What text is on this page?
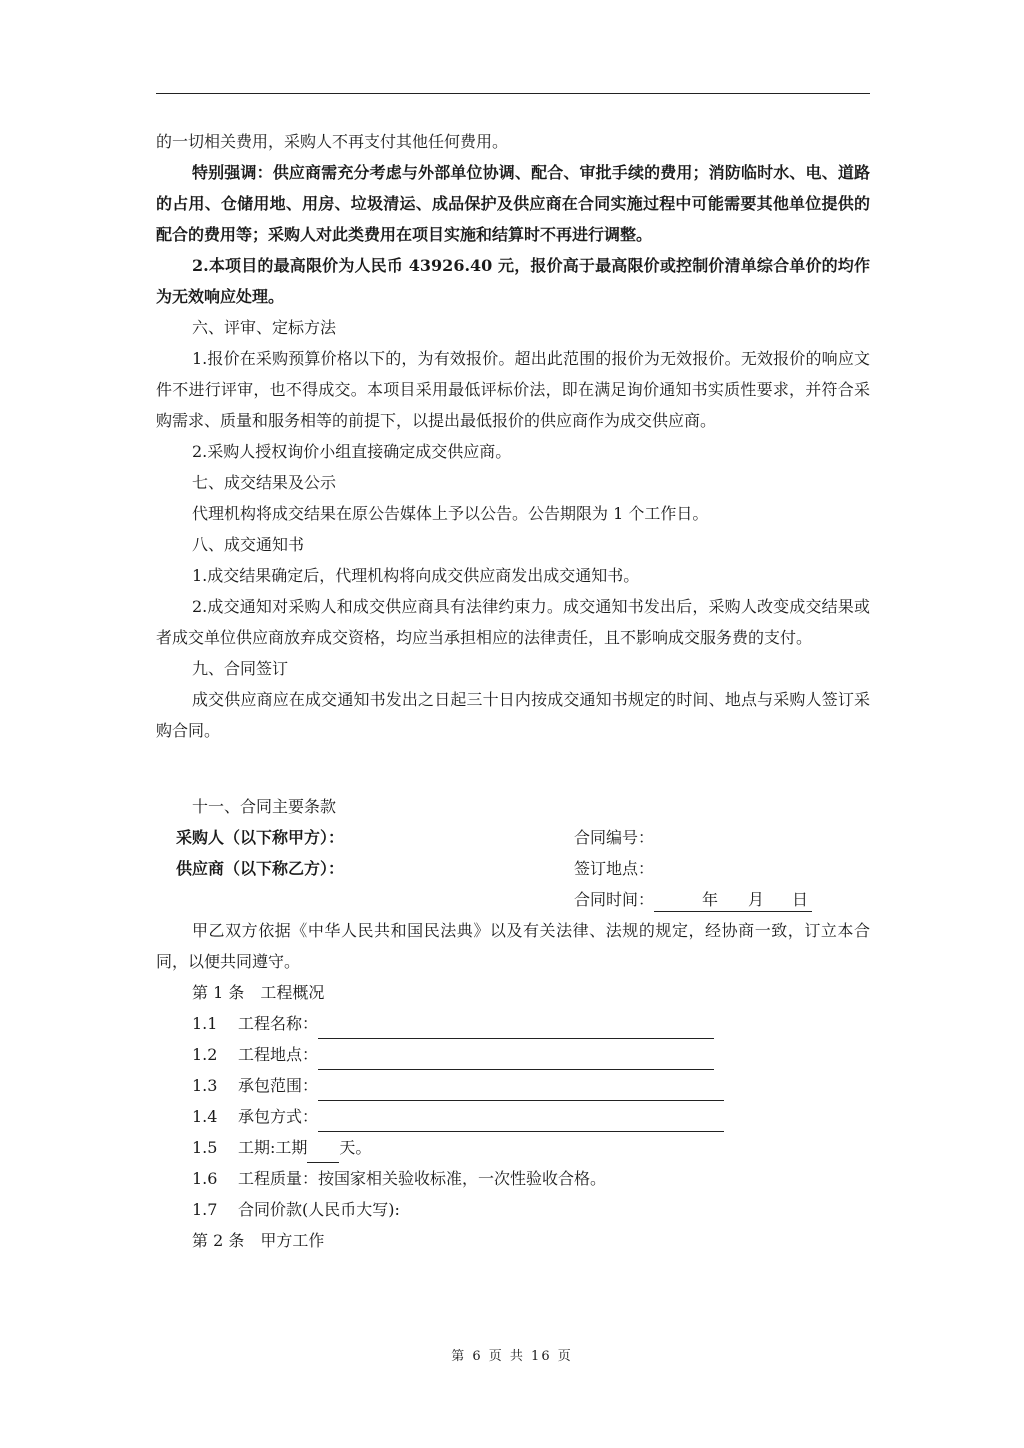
的一切相关费用，采购人不再支付其他任何费用。

特别强调：供应商需充分考虑与外部单位协调、配合、审批手续的费用；消防临时水、电、道路的占用、仓储用地、用房、垃圾清运、成品保护及供应商在合同实施过程中可能需要其他单位提供的配合的费用等；采购人对此类费用在项目实施和结算时不再进行调整。

2.本项目的最高限价为人民币 43926.40 元，报价高于最高限价或控制价清单综合单价的均作为无效响应处理。

六、评审、定标方法

1.报价在采购预算价格以下的，为有效报价。超出此范围的报价为无效报价。无效报价的响应文件不进行评审，也不得成交。本项目采用最低评标价法，即在满足询价通知书实质性要求，并符合采购需求、质量和服务相等的前提下，以提出最低报价的供应商作为成交供应商。

2.采购人授权询价小组直接确定成交供应商。

七、成交结果及公示

代理机构将成交结果在原公告媒体上予以公告。公告期限为 1 个工作日。

八、成交通知书

1.成交结果确定后，代理机构将向成交供应商发出成交通知书。

2.成交通知对采购人和成交供应商具有法律约束力。成交通知书发出后，采购人改变成交结果或者成交单位供应商放弃成交资格，均应当承担相应的法律责任，且不影响成交服务费的支付。

九、合同签订

成交供应商应在成交通知书发出之日起三十日内按成交通知书规定的时间、地点与采购人签订采购合同。

十一、合同主要条款

采购人（以下称甲方）：	合同编号：
供应商（以下称乙方）：	签订地点：
合同时间：	年 月 日

甲乙双方依据《中华人民共和国民法典》以及有关法律、法规的规定，经协商一致，订立本合同，以便共同遵守。

第 1 条　工程概况

1.1	工程名称：
1.2	工程地点：
1.3	承包范围：
1.4	承包方式：
1.5	工期:工期 天。
1.6	工程质量：按国家相关验收标准，一次性验收合格。
1.7	合同价款(人民币大写):

第 2 条　甲方工作

第 6 页 共 16 页
